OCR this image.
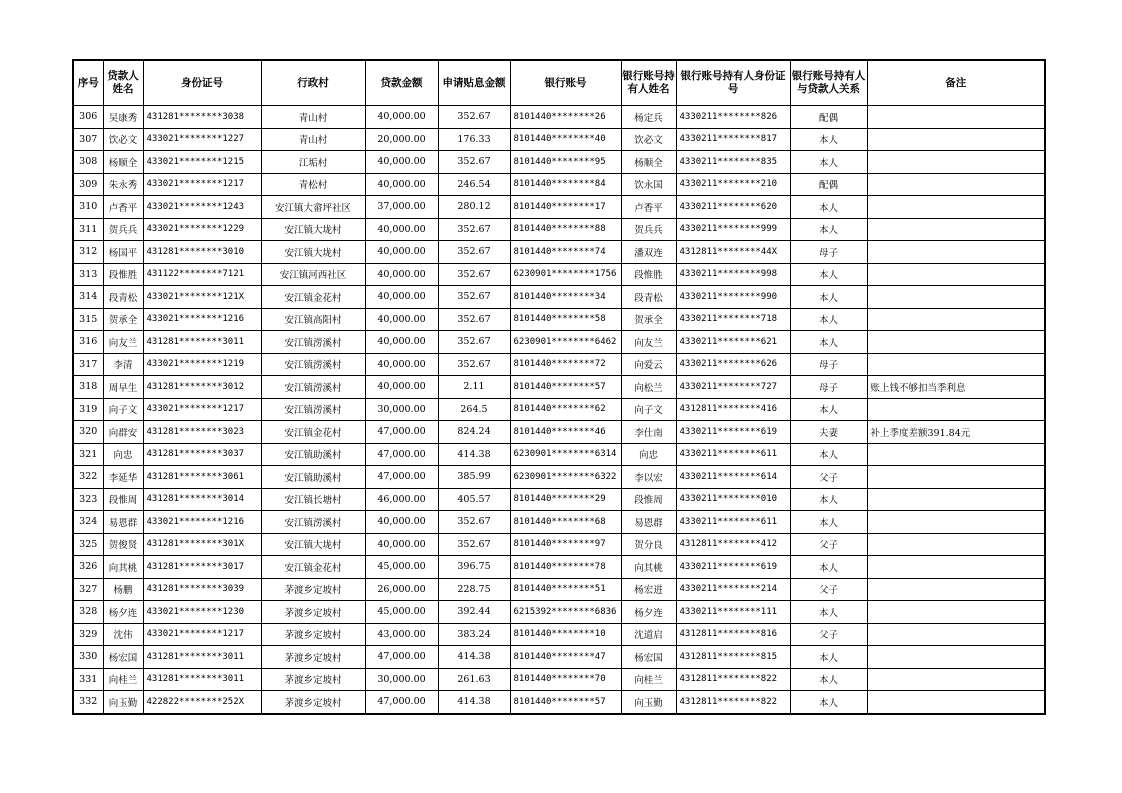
序号	贷款人姓名	身份证号	行政村	贷款金额	申请贴息金额	银行账号	银行账号持有人姓名	银行账号持有人身份证号	银行账号持有人与贷款人关系	备注
306	吴康秀	431281********3038	青山村	40,000.00	352.67	8101440********26	杨定兵	4330211********826	配偶	
307	饮必文	433021********1227	青山村	20,000.00	176.33	8101440********40	饮必文	4330211********817	本人	
308	杨顺全	433021********1215	江垢村	40,000.00	352.67	8101440********95	杨顺全	4330211********835	本人	
309	朱永秀	433021********1217	青松村	40,000.00	246.54	8101440********84	饮永国	4330211********210	配偶	
310	卢香平	433021********1243	安江镇大畲坪社区	37,000.00	280.12	8101440********17	卢香平	4330211********620	本人	
311	贺兵兵	433021********1229	安江镇大垅村	40,000.00	352.67	8101440********88	贺兵兵	4330211********999	本人	
312	杨国平	431281********3010	安江镇大垅村	40,000.00	352.67	8101440********74	潘双连	4312811********44X	母子	
313	段惟胜	431122********7121	安江镇河西社区	40,000.00	352.67	6230901********1756	段惟胜	4330211********998	本人	
314	段青松	433021********121X	安江镇金花村	40,000.00	352.67	8101440********34	段青松	4330211********990	本人	
315	贺承全	433021********1216	安江镇高阳村	40,000.00	352.67	8101440********58	贺承全	4330211********718	本人	
316	向友兰	431281********3011	安江镇涝溪村	40,000.00	352.67	6230901********6462	向友兰	4330211********621	本人	
317	李清	433021********1219	安江镇涝溪村	40,000.00	352.67	8101440********72	向爱云	4330211********626	母子	
318	周早生	431281********3012	安江镇涝溪村	40,000.00	2.11	8101440********57	向松兰	4330211********727	母子	账上钱不够扣当季利息
319	向子文	433021********1217	安江镇涝溪村	30,000.00	264.5	8101440********62	向子文	4312811********416	本人	
320	向群安	431281********3023	安江镇金花村	47,000.00	824.24	8101440********46	李仕南	4330211********619	夫妻	补上季度差额391.84元
321	向忠	431281********3037	安江镇助溪村	47,000.00	414.38	6230901********6314	向忠	4330211********611	本人	
322	李延华	431281********3061	安江镇助溪村	47,000.00	385.99	6230901********6322	李以宏	4330211********614	父子	
323	段惟周	431281********3014	安江镇长塘村	46,000.00	405.57	8101440********29	段惟周	4330211********010	本人	
324	易恩群	433021********1216	安江镇涝溪村	40,000.00	352.67	8101440********68	易恩群	4330211********611	本人	
325	贺俊贤	431281********301X	安江镇大垅村	40,000.00	352.67	8101440********97	贺分良	4312811********412	父子	
326	向其桃	431281********3017	安江镇金花村	45,000.00	396.75	8101440********78	向其桃	4330211********619	本人	
327	杨鹏	431281********3039	茅渡乡定坡村	26,000.00	228.75	8101440********51	杨宏进	4330211********214	父子	
328	杨夕连	433021********1230	茅渡乡定坡村	45,000.00	392.44	6215392********6836	杨夕连	4330211********111	本人	
329	沈伟	433021********1217	茅渡乡定坡村	43,000.00	383.24	8101440********10	沈道启	4312811********816	父子	
330	杨宏国	431281********3011	茅渡乡定坡村	47,000.00	414.38	8101440********47	杨宏国	4312811********815	本人	
331	向桂兰	431281********3011	茅渡乡定坡村	30,000.00	261.63	8101440********70	向桂兰	4312811********822	本人	
332	向玉勤	422822********252X	茅渡乡定坡村	47,000.00	414.38	8101440********57	向玉勤	4312811********822	本人	
